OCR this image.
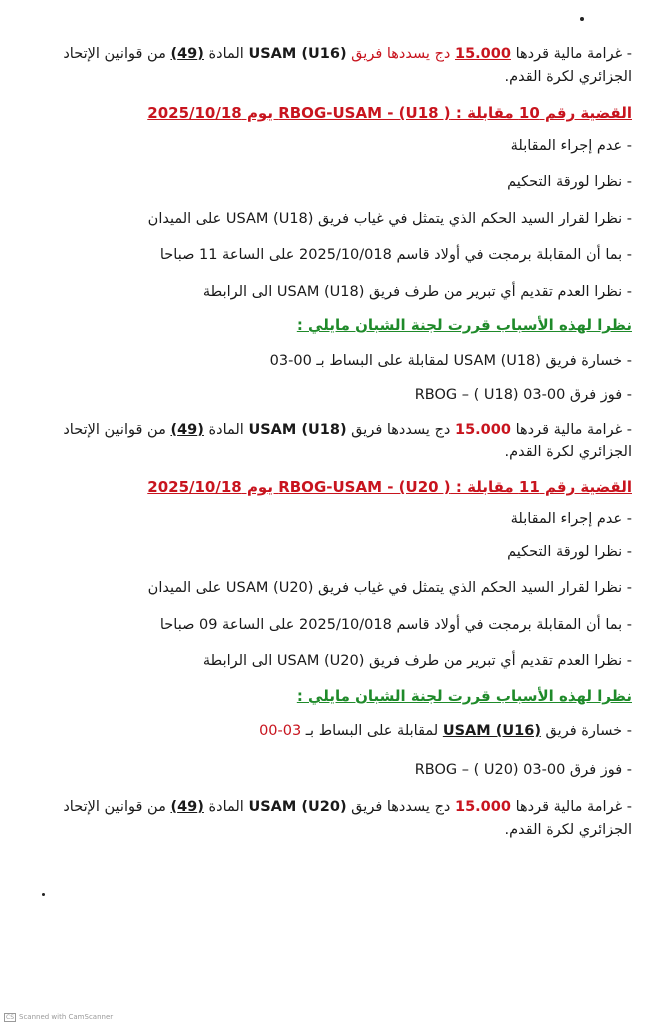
- غرامة مالية قردها 15.000 دج يسددها فريق USAM (U16) المادة (49) من قوانين الإتحاد
الجزائري لكرة القدم.
القضية رقم 10 مقابلة : RBOG-USAM - (U18 ) يوم 2025/10/18
- عدم إجراء المقابلة
- نظرا لورقة التحكيم
- نظرا لقرار السيد الحكم الذي يتمثل في غياب فريق USAM (U18) على الميدان
- بما أن المقابلة برمجت في أولاد قاسم 2025/10/018 على الساعة 11 صباحا
- نظرا العدم تقديم أي تبرير من طرف فريق USAM (U18) الى الرابطة
نظرا لهذه الأسباب قررت لجنة الشبان مايلي :
- خسارة فريق USAM (U18) لمقابلة على البساط بـ 00-03
- فوز فرق RBOG – ( U18) 03-00
- غرامة مالية قردها 15.000 دج يسددها فريق USAM (U18) المادة (49) من قوانين الإتحاد
الجزائري لكرة القدم.
القضية رقم 11 مقابلة : RBOG-USAM - (U20 ) يوم 2025/10/18
- عدم إجراء المقابلة
- نظرا لورقة التحكيم
- نظرا لقرار السيد الحكم الذي يتمثل في غياب فريق USAM (U20) على الميدان
- بما أن المقابلة برمجت في أولاد قاسم 2025/10/018 على الساعة 09 صباحا
- نظرا العدم تقديم أي تبرير من طرف فريق USAM (U20) الى الرابطة
نظرا لهذه الأسباب قررت لجنة الشبان مايلي :
- خسارة فريق USAM (U16) لمقابلة على البساط بـ 00-03
- فوز فرق RBOG – ( U20) 03-00
- غرامة مالية قردها 15.000 دج يسددها فريق USAM (U20) المادة (49) من قوانين الإتحاد
الجزائري لكرة القدم.
CS Scanned with CamScanner
